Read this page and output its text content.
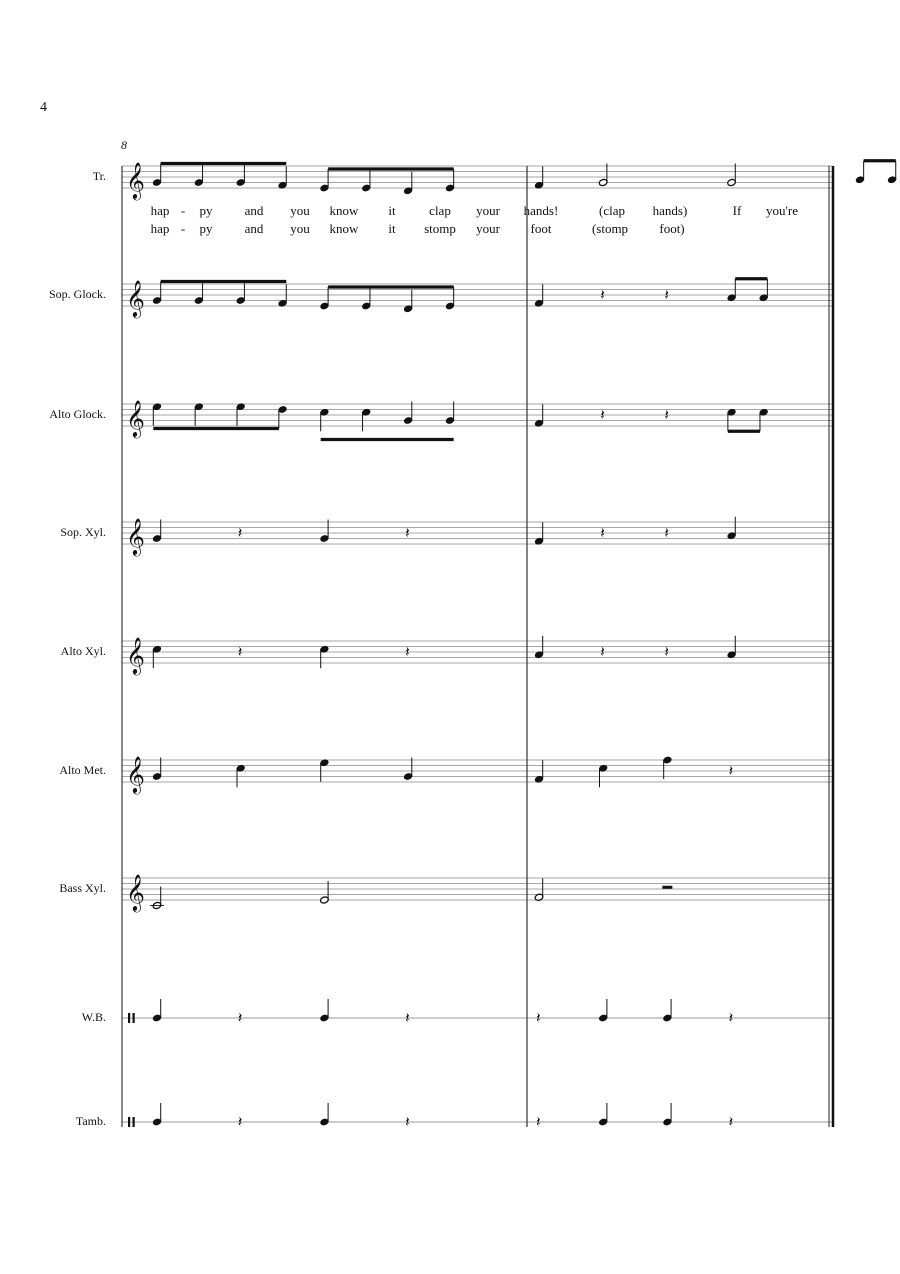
𝄞
𝄞
𝄞
𝄞
𝄞
𝄞
𝄞
𝄽	𝄽
𝄽	𝄽
𝄽	𝄽	𝄽	𝄽
𝄽	𝄽	𝄽	𝄽
𝄽
𝄽	𝄽	𝄽	𝄽
𝄽	𝄽	𝄽	𝄽
4
8
Tr.
Sop. Glock.
Alto Glock.
Sop. Xyl.
Alto Xyl.
Alto Met.
Bass Xyl.
W.B.
Tamb.
hap - py and you know it	clap your hands!	(clap hands)	If you're
hap - py and you know it stomp your foot	(stomp foot)
